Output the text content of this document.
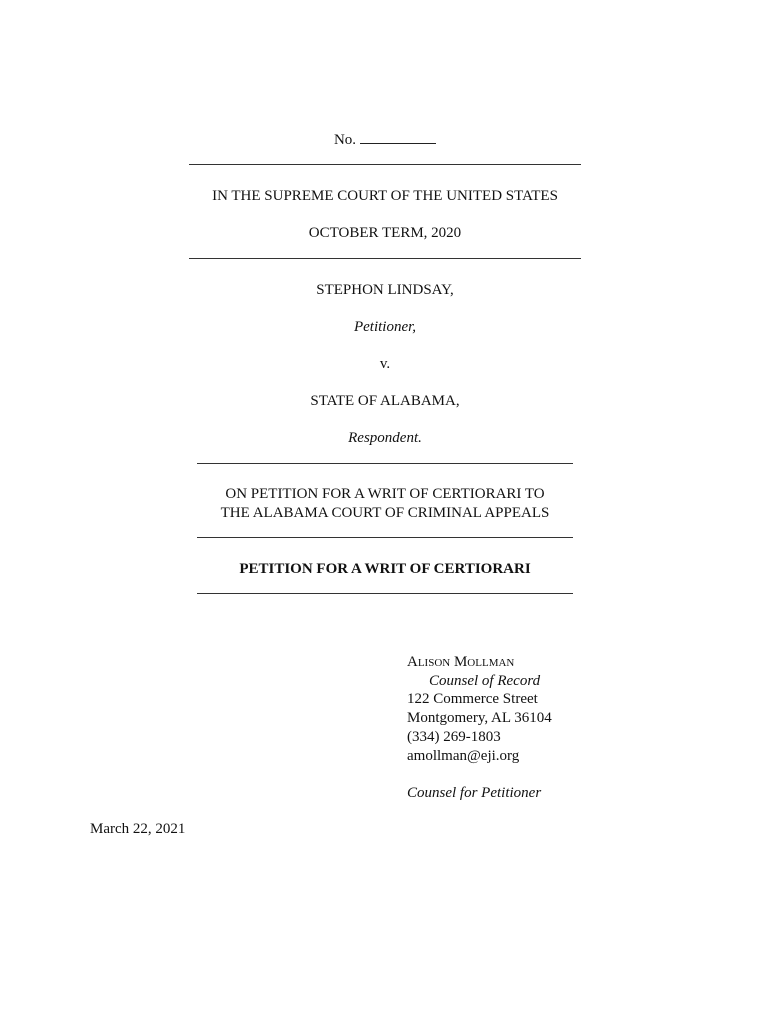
No.
IN THE SUPREME COURT OF THE UNITED STATES
OCTOBER TERM, 2020
STEPHON LINDSAY,
Petitioner,
v.
STATE OF ALABAMA,
Respondent.
ON PETITION FOR A WRIT OF CERTIORARI TO
THE ALABAMA COURT OF CRIMINAL APPEALS
PETITION FOR A WRIT OF CERTIORARI
Alison Mollman
Counsel of Record
122 Commerce Street
Montgomery, AL 36104
(334) 269-1803
amollman@eji.org
Counsel for Petitioner
March 22, 2021
